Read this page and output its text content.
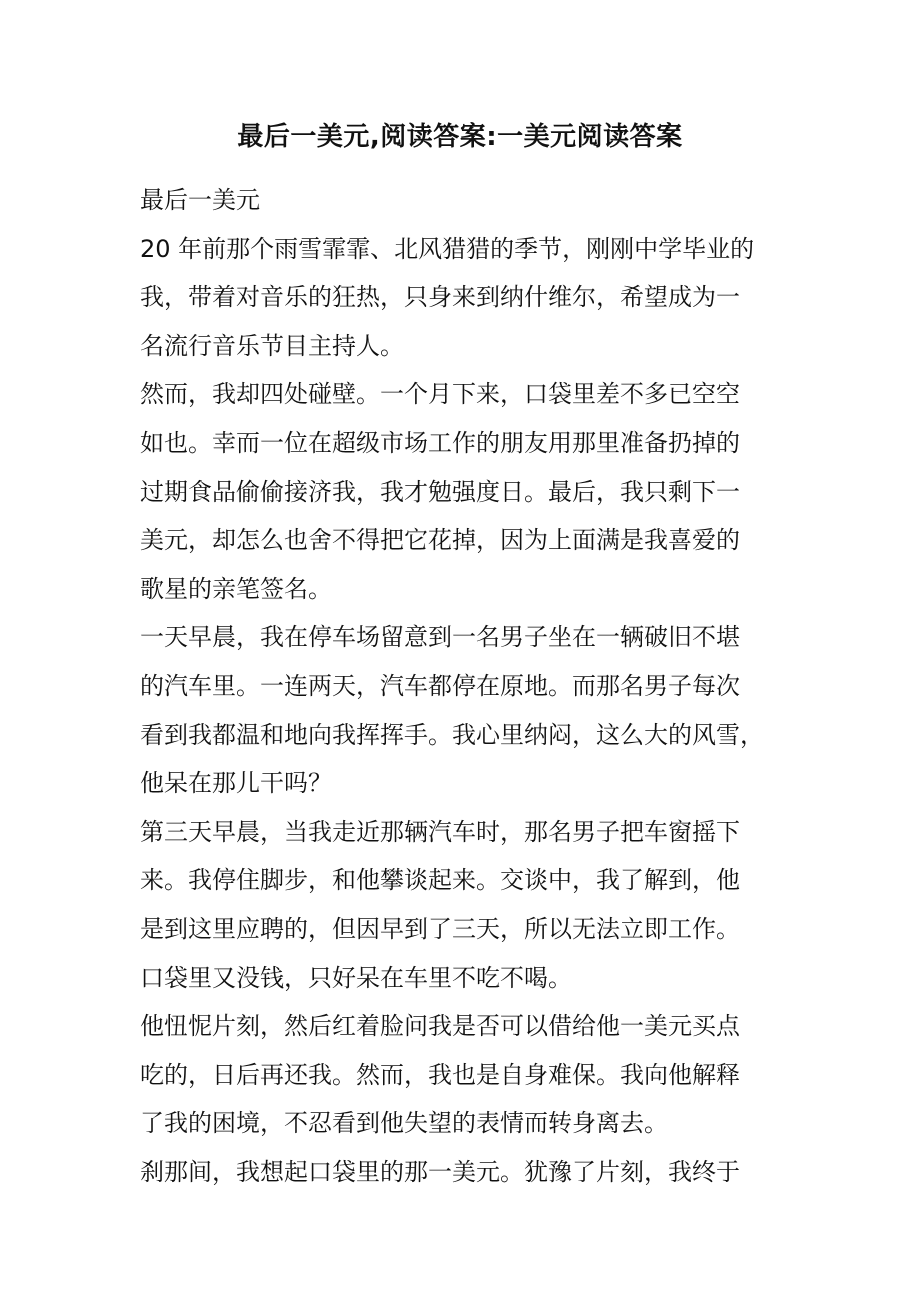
最后一美元,阅读答案:一美元阅读答案
最后一美元
20 年前那个雨雪霏霏、北风猎猎的季节，刚刚中学毕业的
我，带着对音乐的狂热，只身来到纳什维尔，希望成为一
名流行音乐节目主持人。
然而，我却四处碰壁。一个月下来，口袋里差不多已空空
如也。幸而一位在超级市场工作的朋友用那里准备扔掉的
过期食品偷偷接济我，我才勉强度日。最后，我只剩下一
美元，却怎么也舍不得把它花掉，因为上面满是我喜爱的
歌星的亲笔签名。
一天早晨，我在停车场留意到一名男子坐在一辆破旧不堪
的汽车里。一连两天，汽车都停在原地。而那名男子每次
看到我都温和地向我挥挥手。我心里纳闷，这么大的风雪，
他呆在那儿干吗？
第三天早晨，当我走近那辆汽车时，那名男子把车窗摇下
来。我停住脚步，和他攀谈起来。交谈中，我了解到，他
是到这里应聘的，但因早到了三天，所以无法立即工作。
口袋里又没钱，只好呆在车里不吃不喝。
他忸怩片刻，然后红着脸问我是否可以借给他一美元买点
吃的，日后再还我。然而，我也是自身难保。我向他解释
了我的困境，不忍看到他失望的表情而转身离去。
刹那间，我想起口袋里的那一美元。犹豫了片刻，我终于
